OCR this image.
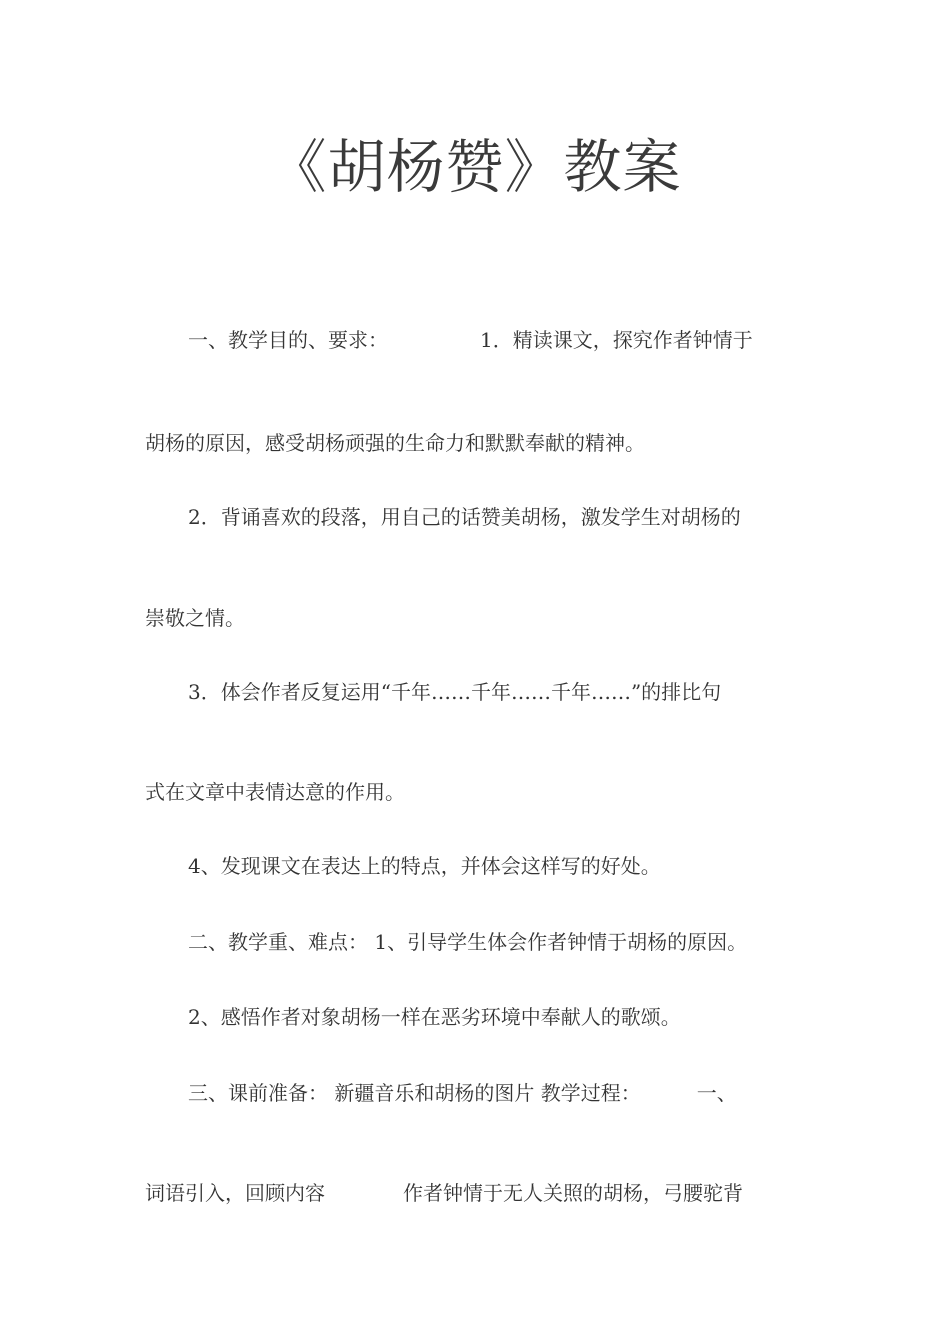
《胡杨赞》教案
一、教学目的、要求：	1．精读课文，探究作者钟情于
胡杨的原因，感受胡杨顽强的生命力和默默奉献的精神。
2．背诵喜欢的段落，用自己的话赞美胡杨，激发学生对胡杨的
崇敬之情。
3．体会作者反复运用“千年……千年……千年……”的排比句
式在文章中表情达意的作用。
4、发现课文在表达上的特点，并体会这样写的好处。
二、教学重、难点： 1、引导学生体会作者钟情于胡杨的原因。
2、感悟作者对象胡杨一样在恶劣环境中奉献人的歌颂。
三、课前准备： 新疆音乐和胡杨的图片 教学过程：	一、
词语引入，回顾内容	作者钟情于无人关照的胡杨，弓腰驼背
